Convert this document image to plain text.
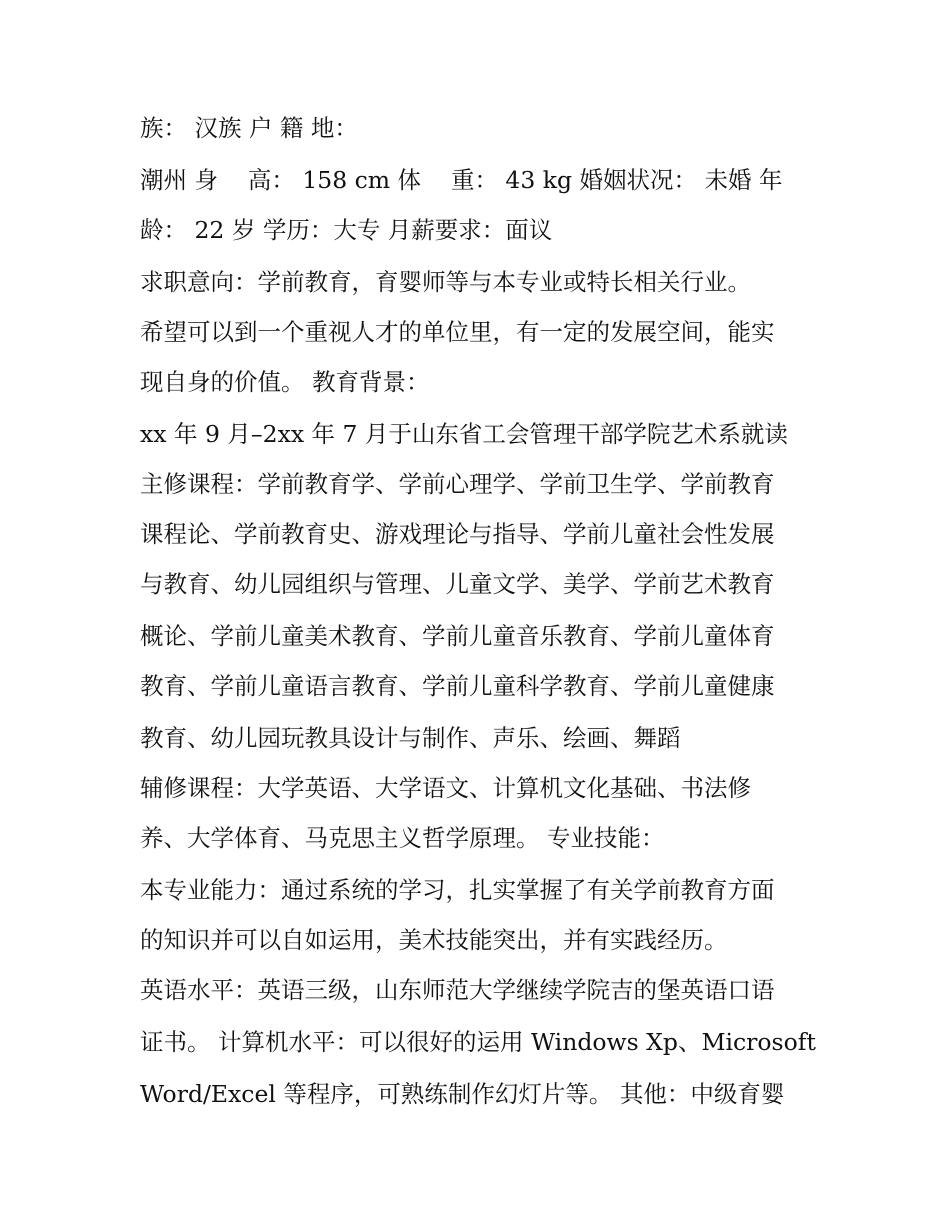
族： 汉族 户 籍 地：
潮州 身    高： 158 cm 体    重： 43 kg 婚姻状况： 未婚 年
龄： 22 岁 学历：大专 月薪要求：面议
求职意向：学前教育，育婴师等与本专业或特长相关行业。
希望可以到一个重视人才的单位里，有一定的发展空间，能实
现自身的价值。 教育背景：
xx 年 9 月–2xx 年 7 月于山东省工会管理干部学院艺术系就读
主修课程：学前教育学、学前心理学、学前卫生学、学前教育
课程论、学前教育史、游戏理论与指导、学前儿童社会性发展
与教育、幼儿园组织与管理、儿童文学、美学、学前艺术教育
概论、学前儿童美术教育、学前儿童音乐教育、学前儿童体育
教育、学前儿童语言教育、学前儿童科学教育、学前儿童健康
教育、幼儿园玩教具设计与制作、声乐、绘画、舞蹈
辅修课程：大学英语、大学语文、计算机文化基础、书法修
养、大学体育、马克思主义哲学原理。 专业技能：
本专业能力：通过系统的学习，扎实掌握了有关学前教育方面
的知识并可以自如运用，美术技能突出，并有实践经历。
英语水平：英语三级，山东师范大学继续学院吉的堡英语口语
证书。 计算机水平：可以很好的运用 Windows Xp、Microsoft
Word/Excel 等程序，可熟练制作幻灯片等。 其他：中级育婴
